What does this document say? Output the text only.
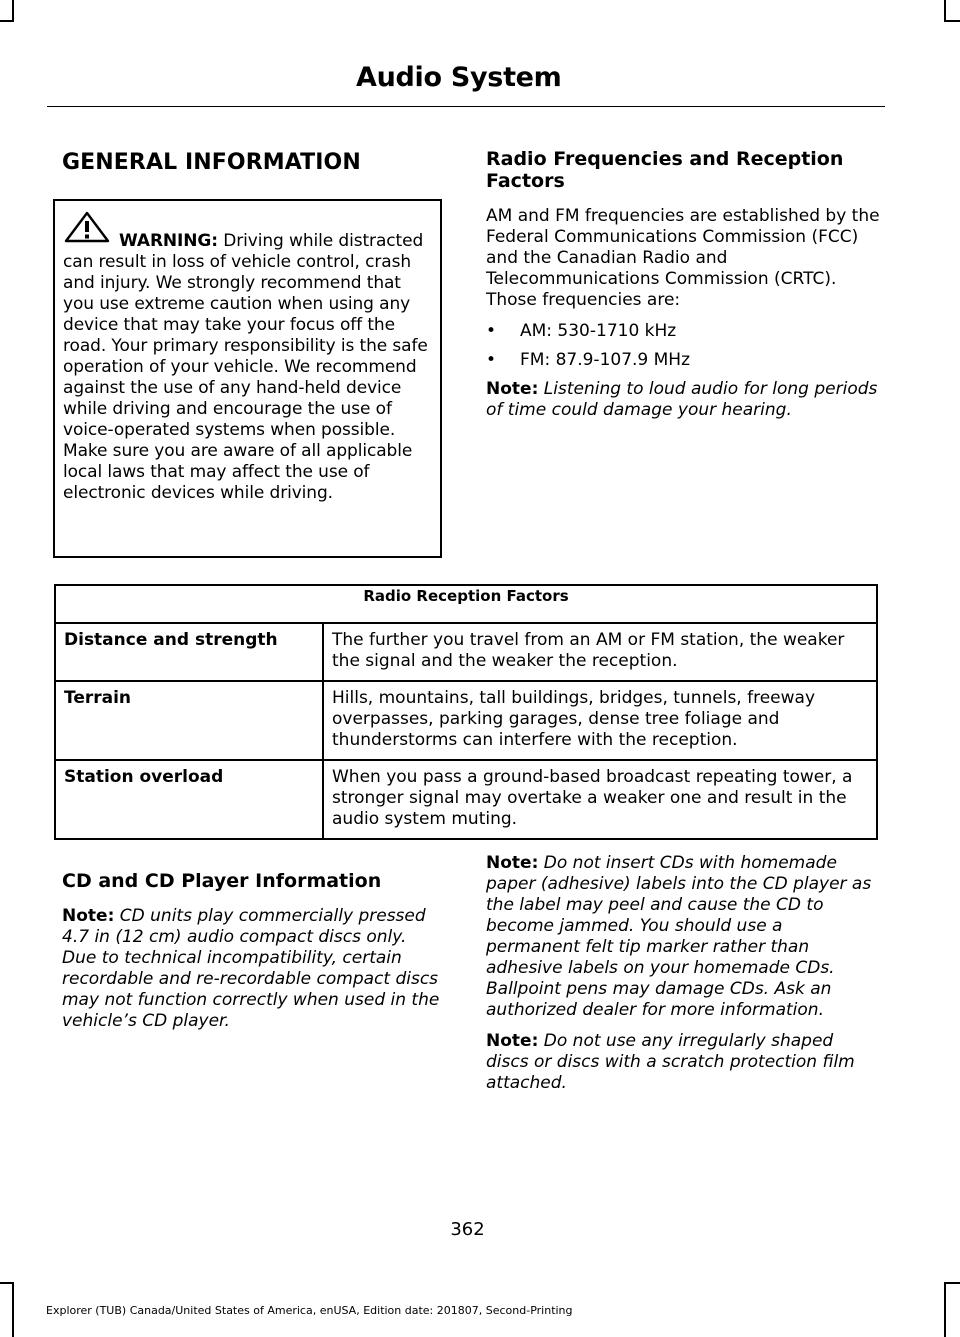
Audio System
GENERAL INFORMATION

WARNING: Driving while distracted can result in loss of vehicle control, crash and injury. We strongly recommend that you use extreme caution when using any device that may take your focus off the road. Your primary responsibility is the safe operation of your vehicle. We recommend against the use of any hand-held device while driving and encourage the use of voice-operated systems when possible. Make sure you are aware of all applicable local laws that may affect the use of electronic devices while driving.

Radio Frequencies and Reception Factors

AM and FM frequencies are established by the Federal Communications Commission (FCC) and the Canadian Radio and Telecommunications Commission (CRTC). Those frequencies are:

•	AM: 530-1710 kHz
•	FM: 87.9-107.9 MHz

Note: Listening to loud audio for long periods of time could damage your hearing.

Radio Reception Factors	
Distance and strength	The further you travel from an AM or FM station, the weaker the signal and the weaker the reception.
Terrain	Hills, mountains, tall buildings, bridges, tunnels, freeway overpasses, parking garages, dense tree foliage and thunderstorms can interfere with the reception.
Station overload	When you pass a ground-based broadcast repeating tower, a stronger signal may overtake a weaker one and result in the audio system muting.
CD and CD Player Information

Note: CD units play commercially pressed 4.7 in (12 cm) audio compact discs only. Due to technical incompatibility, certain recordable and re-recordable compact discs may not function correctly when used in the vehicle’s CD player.

Note: Do not insert CDs with homemade paper (adhesive) labels into the CD player as the label may peel and cause the CD to become jammed. You should use a permanent felt tip marker rather than adhesive labels on your homemade CDs. Ballpoint pens may damage CDs. Ask an authorized dealer for more information.

Note: Do not use any irregularly shaped discs or discs with a scratch protection film attached.

362
Explorer (TUB) Canada/United States of America, enUSA, Edition date: 201807, Second-Printing
